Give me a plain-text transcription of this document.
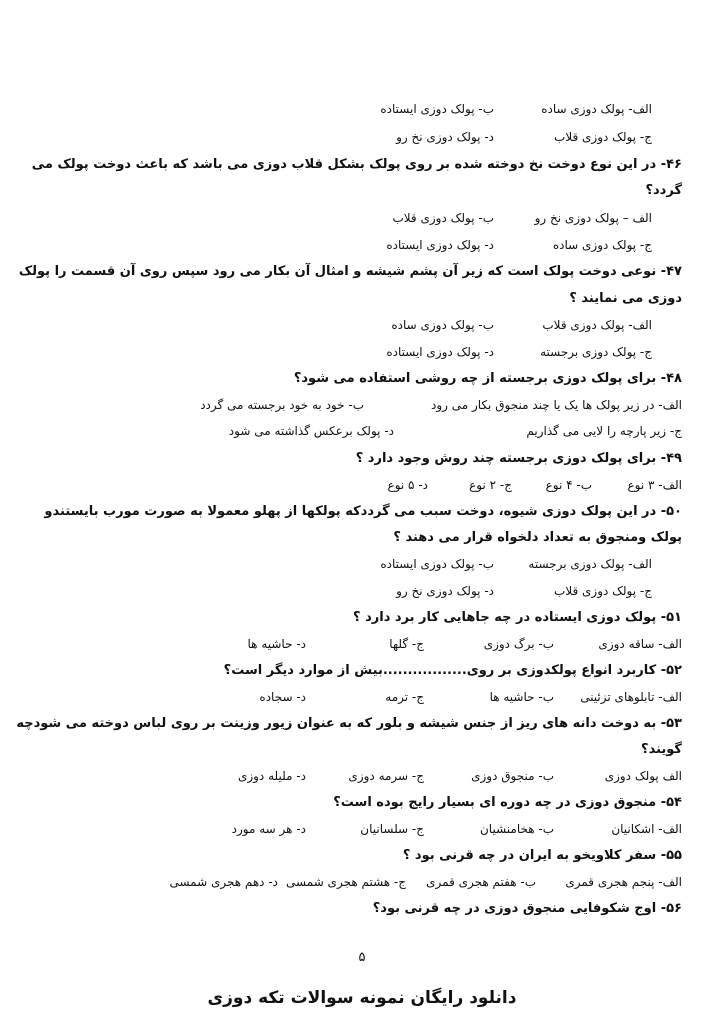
۵
دانلود رایگان نمونه سوالات تکه دوزی
الف- پولک دوزی ساده
ب- پولک دوزی ایستاده
ج- پولک دوزی قلاب
د- پولک دوزی نخ رو
۴۶- در این نوع دوخت نخ دوخته شده بر روی پولک بشکل قلاب دوزی می باشد که باعث دوخت پولک می
گردد؟
الف – پولک دوزی نخ رو
ب- پولک دوزی قلاب
ج- پولک دوزی ساده
د- پولک دوزی ایستاده
۴۷- نوعی دوخت پولک است که زیر آن پشم شیشه و امثال آن بکار می رود سپس روی آن قسمت را پولک
دوزی می نمایند ؟
الف- پولک دوزی قلاب
ب- پولک دوزی ساده
ج- پولک دوزی برجسته
د- پولک دوزی ایستاده
۴۸- برای پولک دوزی برجسته از چه روشی استفاده می شود؟
الف- در زیر پولک ها یک یا چند منجوق بکار می رود
ب- خود به خود برجسته می گردد
ج- زیر پارچه را لایی می گذاریم
د- پولک برعکس گذاشته می شود
۴۹- برای پولک دوزی برجسته چند روش وجود دارد ؟
الف- ۳ نوع
ب- ۴ نوع
ج- ۲ نوع
د- ۵ نوع
۵۰- در این پولک دوزی شیوه، دوخت سبب می گرددکه پولکها از پهلو معمولا به صورت مورب بایستندو
پولک ومنجوق به تعداد دلخواه قرار می دهند ؟
الف- پولک دوزی برجسته
ب- پولک دوزی ایستاده
ج- پولک دوزی قلاب
د- پولک دوزی نخ رو
۵۱- پولک دوزی ایستاده در چه جاهایی کار برد دارد ؟
الف- ساقه دوزی
ب- برگ دوزی
ج- گلها
د- حاشیه ها
۵۲- کاربرد انواع پولکدوزی بر روی.................بیش از موارد دیگر است؟
الف- تابلوهای تزئینی
ب- حاشیه ها
ج- ترمه
د- سجاده
۵۳- به دوخت دانه های ریز از جنس شیشه و بلور که به عنوان زیور وزینت بر روی لباس دوخته می شودچه
گویند؟
الف پولک دوزی
ب- منجوق دوزی
ج- سرمه دوزی
د- ملیله دوزی
۵۴- منجوق دوزی در چه دوره ای بسیار رایج بوده است؟
الف- اشکانیان
ب- هخامنشیان
ج- سلسانیان
د- هر سه مورد
۵۵- سفر کلاویخو به ایران در چه قرنی بود ؟
الف- پنجم هجری قمری
ب- هفتم هجری قمری
ج- هشتم هجری شمسی
د- دهم هجری شمسی
۵۶- اوج شکوفایی منجوق دوزی در چه قرنی بود؟
